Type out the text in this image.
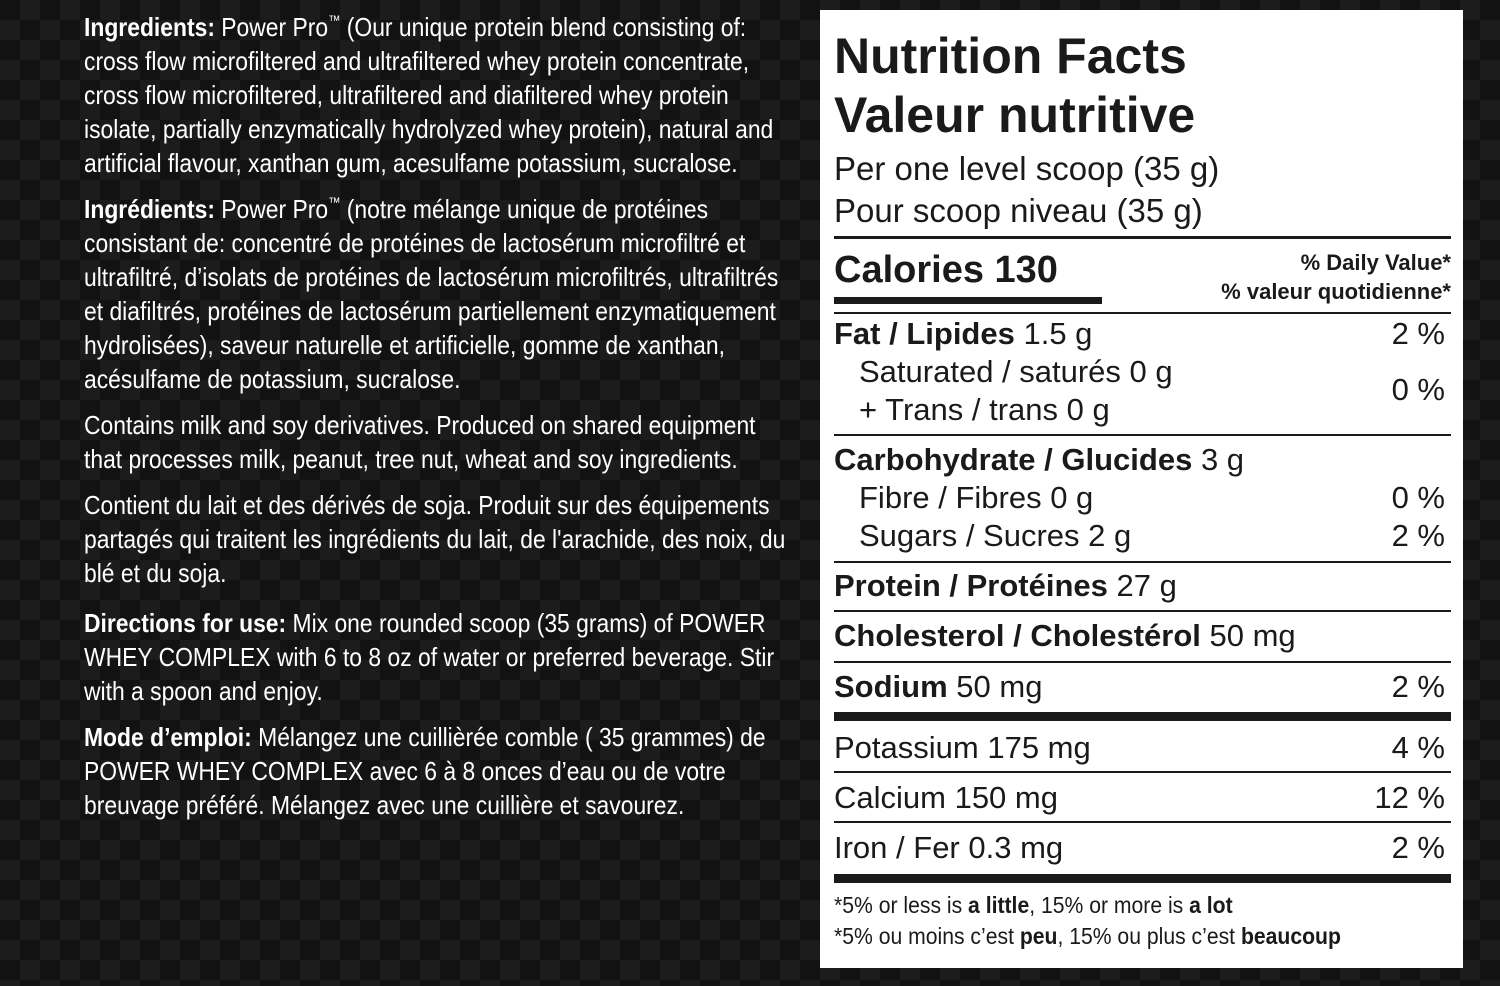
Ingredients: Power Pro™ (Our unique protein blend consisting of: cross flow microfiltered and ultrafiltered whey protein concentrate, cross flow microfiltered, ultrafiltered and diafiltered whey protein isolate, partially enzymatically hydrolyzed whey protein), natural and artificial flavour, xanthan gum, acesulfame potassium, sucralose.

Ingrédients: Power Pro™ (notre mélange unique de protéines consistant de: concentré de protéines de lactosérum microfiltré et ultrafiltré, d’isolats de protéines de lactosérum microfiltrés, ultrafiltrés et diafiltrés, protéines de lactosérum partiellement enzymatiquement hydrolisées), saveur naturelle et artificielle, gomme de xanthan, acésulfame de potassium, sucralose.

Contains milk and soy derivatives. Produced on shared equipment that processes milk, peanut, tree nut, wheat and soy ingredients.

Contient du lait et des dérivés de soja. Produit sur des équipements partagés qui traitent les ingrédients du lait, de l'arachide, des noix, du blé et du soja.

Directions for use: Mix one rounded scoop (35 grams) of POWER WHEY COMPLEX with 6 to 8 oz of water or preferred beverage. Stir with a spoon and enjoy.

Mode d’emploi: Mélangez une cuillièrée comble ( 35 grammes) de POWER WHEY COMPLEX avec 6 à 8 onces d’eau ou de votre breuvage préféré. Mélangez avec une cuillière et savourez.

Nutrition Facts
Valeur nutritive
Per one level scoop (35 g)
Pour scoop niveau (35 g)
Calories 130	% Daily Value*
% valeur quotidienne*
Fat / Lipides 1.5 g	2 %
Saturated / saturés 0 g
+ Trans / trans 0 g
0 %
Carbohydrate / Glucides 3 g
Fibre / Fibres 0 g	0 %
Sugars / Sucres 2 g	2 %
Protein / Protéines 27 g
Cholesterol / Cholestérol 50 mg
Sodium 50 mg	2 %
Potassium 175 mg	4 %
Calcium 150 mg	12 %
Iron / Fer 0.3 mg	2 %
*5% or less is a little, 15% or more is a lot
*5% ou moins c’est peu, 15% ou plus c’est beaucoup
